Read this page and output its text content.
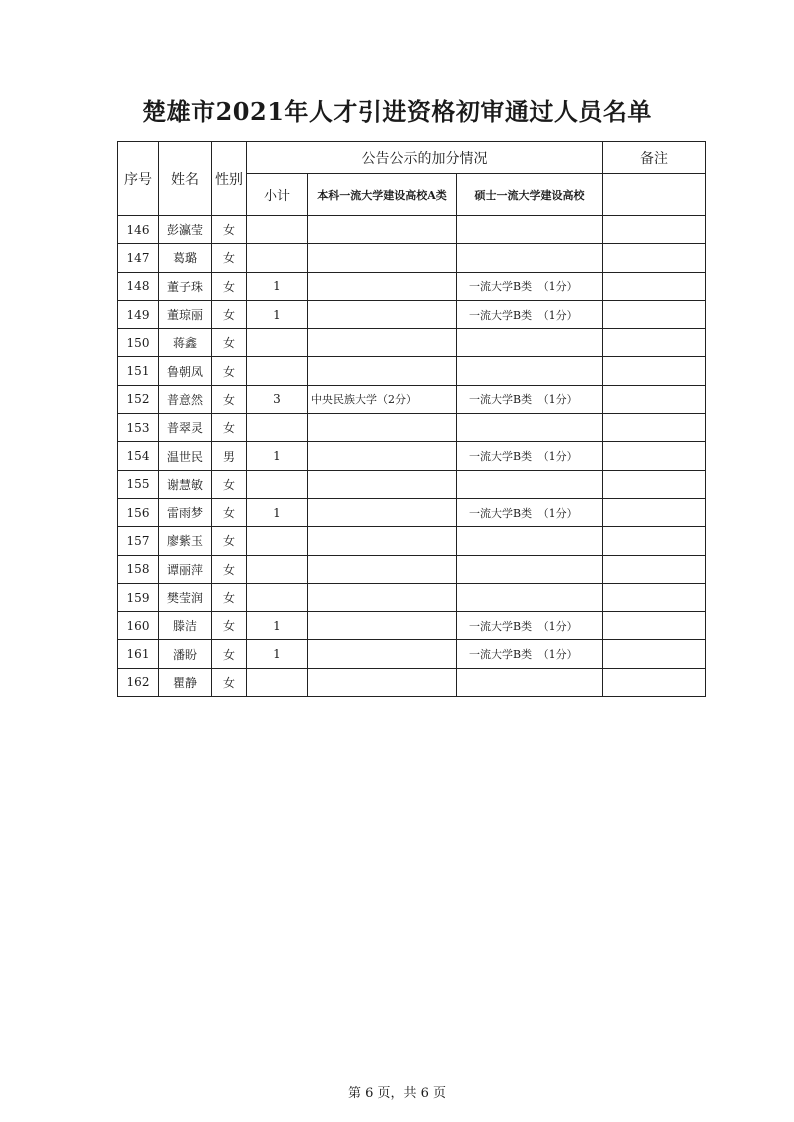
楚雄市2021年人才引进资格初审通过人员名单
序号	姓名	性别	公告公示的加分情况			备注
			小计	本科一流大学建设高校A类	硕士一流大学建设高校	
146	彭瀛莹	女				
147	葛璐	女				
148	董子珠	女	1		一流大学B类　（1分）	
149	董琼丽	女	1		一流大学B类　（1分）	
150	蒋鑫	女				
151	鲁朝凤	女				
152	普意然	女	3	中央民族大学（2分）	一流大学B类　（1分）	
153	普翠灵	女				
154	温世民	男	1		一流大学B类　（1分）	
155	谢慧敏	女				
156	雷雨梦	女	1		一流大学B类　（1分）	
157	廖紫玉	女				
158	谭丽萍	女				
159	樊莹润	女				
160	滕洁	女	1		一流大学B类　（1分）	
161	潘盼	女	1		一流大学B类　（1分）	
162	瞿静	女				
第 6 页，共 6 页
